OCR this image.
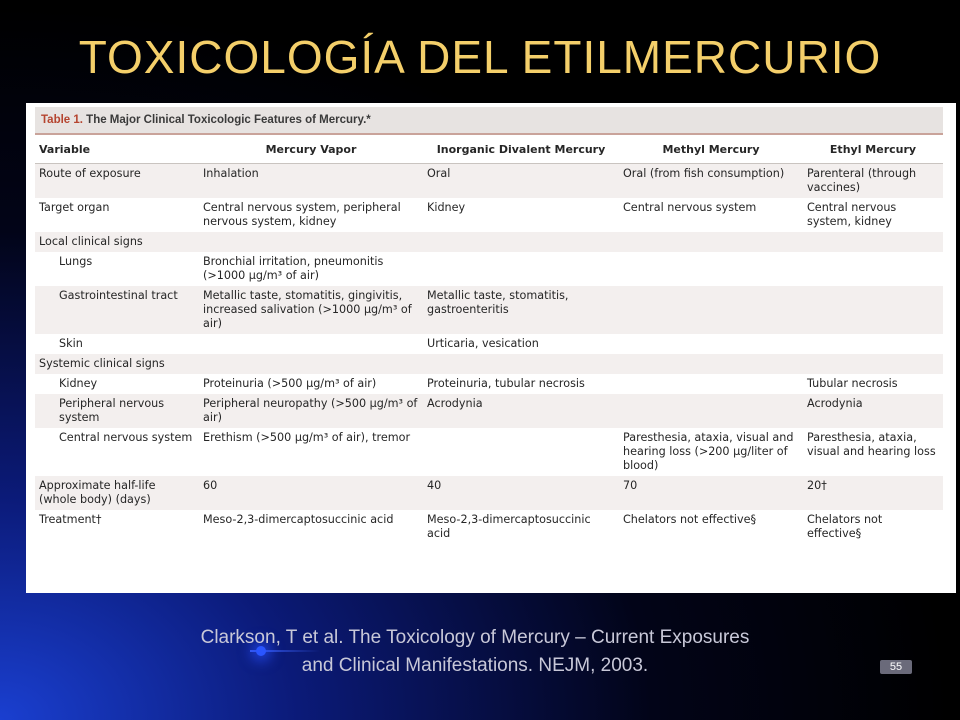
TOXICOLOGÍA DEL ETILMERCURIO
Table 1. The Major Clinical Toxicologic Features of Mercury.*
Variable	Mercury Vapor	Inorganic Divalent Mercury	Methyl Mercury	Ethyl Mercury
Route of exposure	Inhalation	Oral	Oral (from fish consumption)	Parenteral (through vaccines)
Target organ	Central nervous system, peripheral nervous system, kidney	Kidney	Central nervous system	Central nervous system, kidney
Local clinical signs				
Lungs	Bronchial irritation, pneumonitis (>1000 μg/m³ of air)			
Gastrointestinal tract	Metallic taste, stomatitis, gingivitis, increased salivation (>1000 μg/m³ of air)	Metallic taste, stomatitis, gastroenteritis		
Skin		Urticaria, vesication		
Systemic clinical signs				
Kidney	Proteinuria (>500 μg/m³ of air)	Proteinuria, tubular necrosis		Tubular necrosis
Peripheral nervous system	Peripheral neuropathy (>500 μg/m³ of air)	Acrodynia		Acrodynia
Central nervous system	Erethism (>500 μg/m³ of air), tremor		Paresthesia, ataxia, visual and hearing loss (>200 μg/liter of blood)	Paresthesia, ataxia, visual and hearing loss
Approximate half-life (whole body) (days)	60	40	70	20†
Treatment†	Meso-2,3-dimercaptosuccinic acid	Meso-2,3-dimercaptosuccinic acid	Chelators not effective§	Chelators not effective§
Clarkson, T et al. The Toxicology of Mercury – Current Exposures
and Clinical Manifestations. NEJM, 2003.	55
